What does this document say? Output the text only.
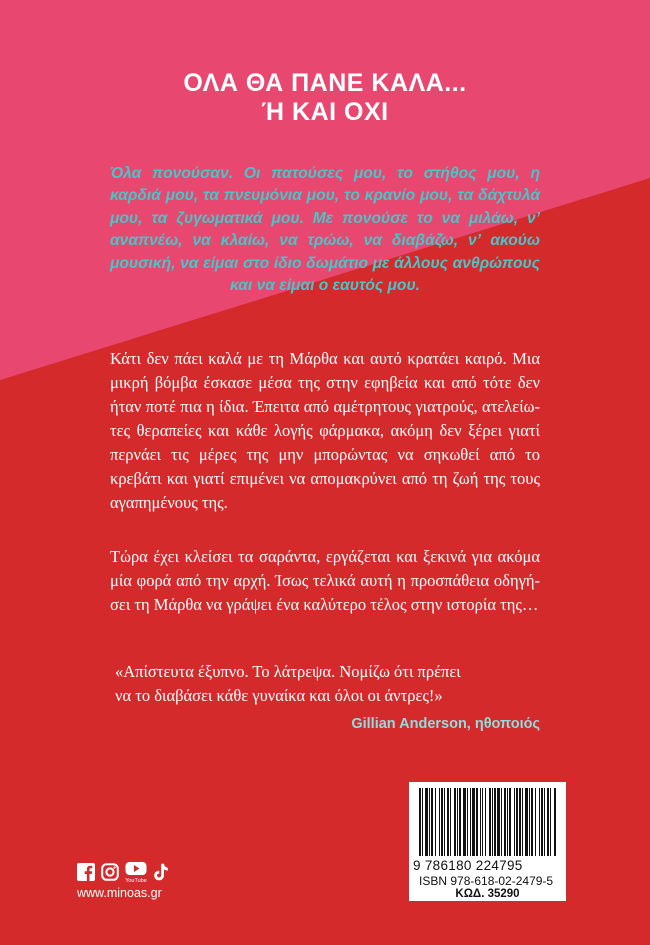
ΟΛΑ ΘΑ ΠΑΝΕ ΚΑΛΑ...
Ή ΚΑΙ ΟΧΙ
Όλα πονούσαν. Οι πατούσες μου, το στήθος μου, η καρδιά μου, τα πνευμόνια μου, το κρανίο μου, τα δάχτυλά μου, τα ζυγωματικά μου. Με πονούσε το να μιλάω, ν’ αναπνέω, να κλαίω, να τρώω, να διαβάζω, ν’ ακούω μουσική, να είμαι στο ίδιο δωμάτιο με άλλους ανθρώπους και να είμαι ο εαυτός μου.
Κάτι δεν πάει καλά με τη Μάρθα και αυτό κρατάει καιρό. Μια μικρή βόμβα έσκασε μέσα της στην εφηβεία και από τότε δεν ήταν ποτέ πια η ίδια. Έπειτα από αμέτρητους γιατρούς, ατελείωτες θεραπείες και κάθε λογής φάρμακα, ακόμη δεν ξέρει γιατί περνάει τις μέρες της μην μπορώντας να σηκωθεί από το κρεβάτι και γιατί επιμένει να απομακρύνει από τη ζωή της τους αγαπημένους της.
Τώρα έχει κλείσει τα σαράντα, εργάζεται και ξεκινά για ακόμα μία φορά από την αρχή. Ίσως τελικά αυτή η προσπάθεια οδηγήσει τη Μάρθα να γράψει ένα καλύτερο τέλος στην ιστορία της…
«Απίστευτα έξυπνο. Το λάτρεψα. Νομίζω ότι πρέπει
να το διαβάσει κάθε γυναίκα και όλοι οι άντρες!»
Gillian Anderson, ηθοποιός
9 786180 224795
ISBN 978-618-02-2479-5
ΚΩΔ. 35290
YouTube
www.minoas.gr
